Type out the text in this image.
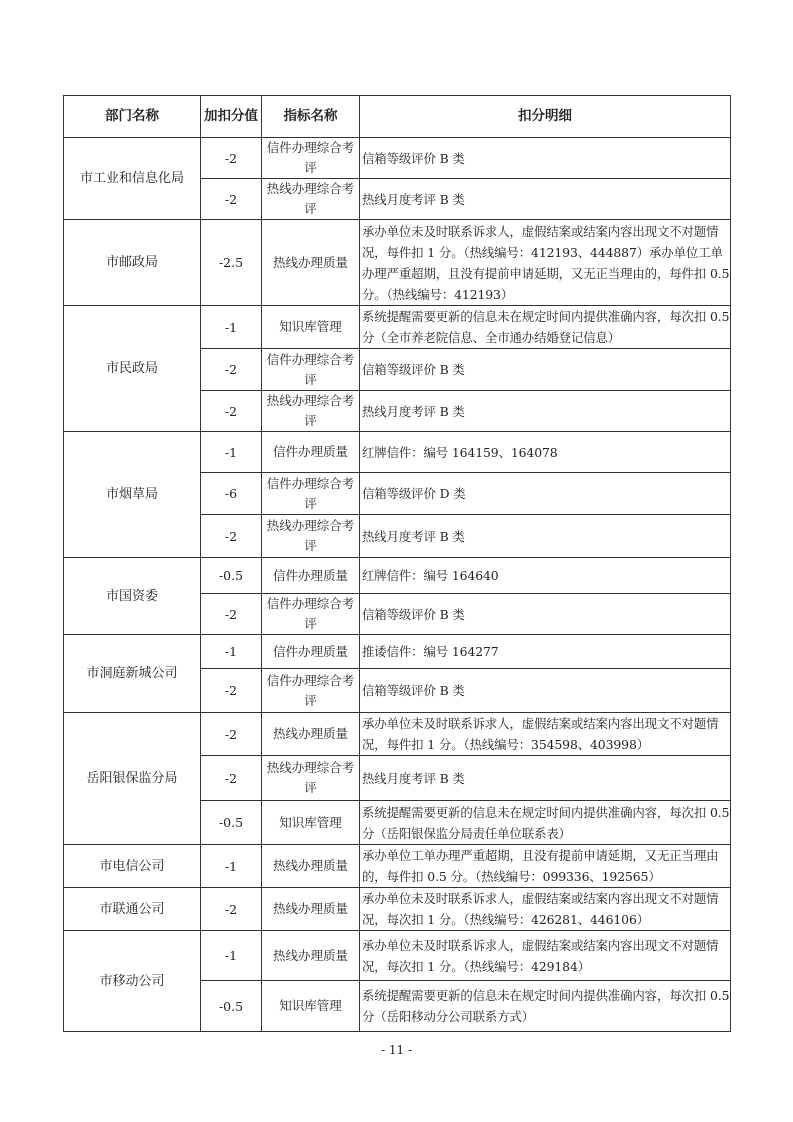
部门名称	加扣分值	指标名称	扣分明细
市工业和信息化局	-2	信件办理综合考评	信箱等级评价 B 类
	-2	热线办理综合考评	热线月度考评 B 类
市邮政局	-2.5	热线办理质量	承办单位未及时联系诉求人，虚假结案或结案内容出现文不对题情况，每件扣 1 分。（热线编号：412193、444887）承办单位工单办理严重超期，且没有提前申请延期，又无正当理由的，每件扣 0.5 分。（热线编号：412193）
市民政局	-1	知识库管理	系统提醒需要更新的信息未在规定时间内提供准确内容，每次扣 0.5 分（全市养老院信息、全市通办结婚登记信息）
	-2	信件办理综合考评	信箱等级评价 B 类
	-2	热线办理综合考评	热线月度考评 B 类
市烟草局	-1	信件办理质量	红牌信件：编号 164159、164078
	-6	信件办理综合考评	信箱等级评价 D 类
	-2	热线办理综合考评	热线月度考评 B 类
市国资委	-0.5	信件办理质量	红牌信件：编号 164640
	-2	信件办理综合考评	信箱等级评价 B 类
市洞庭新城公司	-1	信件办理质量	推诿信件：编号 164277
	-2	信件办理综合考评	信箱等级评价 B 类
岳阳银保监分局	-2	热线办理质量	承办单位未及时联系诉求人，虚假结案或结案内容出现文不对题情况，每件扣 1 分。（热线编号：354598、403998）
	-2	热线办理综合考评	热线月度考评 B 类
	-0.5	知识库管理	系统提醒需要更新的信息未在规定时间内提供准确内容，每次扣 0.5 分（岳阳银保监分局责任单位联系表）
市电信公司	-1	热线办理质量	承办单位工单办理严重超期，且没有提前申请延期，又无正当理由的，每件扣 0.5 分。（热线编号：099336、192565）
市联通公司	-2	热线办理质量	承办单位未及时联系诉求人，虚假结案或结案内容出现文不对题情况，每次扣 1 分。（热线编号：426281、446106）
市移动公司	-1	热线办理质量	承办单位未及时联系诉求人，虚假结案或结案内容出现文不对题情况，每次扣 1 分。（热线编号：429184）
	-0.5	知识库管理	系统提醒需要更新的信息未在规定时间内提供准确内容，每次扣 0.5 分（岳阳移动分公司联系方式）
- 11 -
